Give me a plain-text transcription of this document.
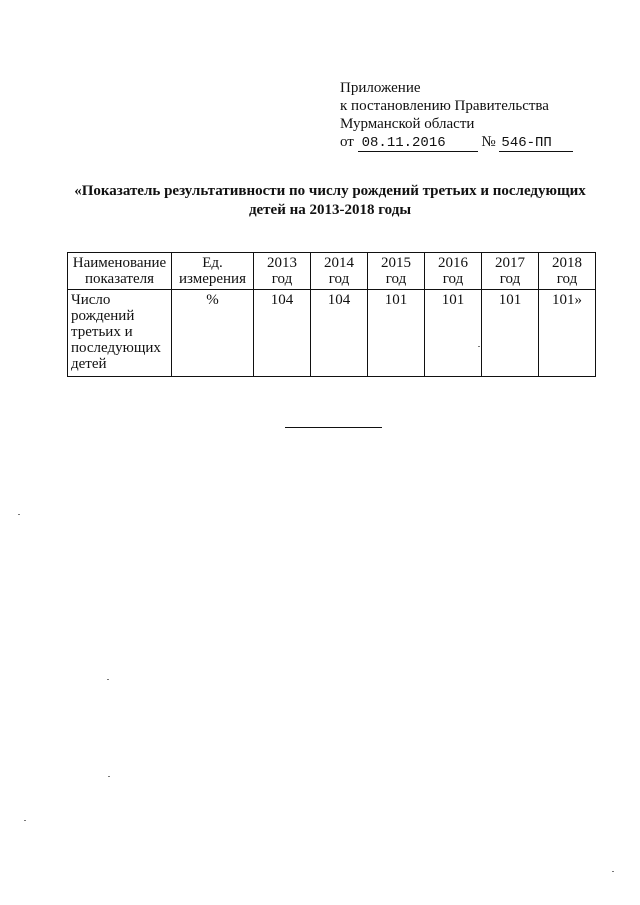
Приложение
к постановлению Правительства
Мурманской области
от 08.11.2016 № 546-ПП
«Показатель результативности по числу рождений третьих и последующих
детей на 2013-2018 годы
Наименование показателя	Ед. измерения	2013 год	2014 год	2015 год	2016 год	2017 год	2018 год
Число рождений третьих и последующих детей	%	104	104	101	101	101	101»
